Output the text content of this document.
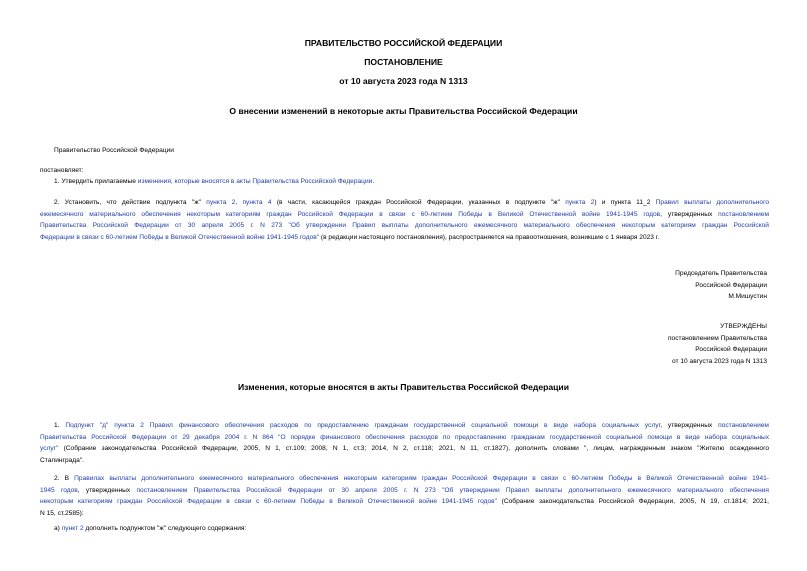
ПРАВИТЕЛЬСТВО РОССИЙСКОЙ ФЕДЕРАЦИИ
ПОСТАНОВЛЕНИЕ
от 10 августа 2023 года N 1313
О внесении изменений в некоторые акты Правительства Российской Федерации
Правительство Российской Федерации
постановляет:
1. Утвердить прилагаемые изменения, которые вносятся в акты Правительства Российской Федерации.
2. Установить, что действие подпункта "ж" пункта 2, пункта 4 (в части, касающейся граждан Российской Федерации, указанных в подпункте "ж" пункта 2) и пункта 11_2 Правил выплаты дополнительного
ежемесячного материального обеспечения некоторым категориям граждан Российской Федерации в связи с 60-летием Победы в Великой Отечественной войне 1941-1945 годов, утвержденных постановлением
Правительства Российской Федерации от 30 апреля 2005 г. N 273 "Об утверждении Правил выплаты дополнительного ежемесячного материального обеспечения некоторым категориям граждан Российской
Федерации в связи с 60-летием Победы в Великой Отечественной войне 1941-1945 годов" (в редакции настоящего постановления), распространяется на правоотношения, возникшие с 1 января 2023 г.
Председатель Правительства
Российской Федерации
М.Мишустин
УТВЕРЖДЕНЫ
постановлением Правительства
Российской Федерации
от 10 августа 2023 года N 1313
Изменения, которые вносятся в акты Правительства Российской Федерации
1. Подпункт "д" пункта 2 Правил финансового обеспечения расходов по предоставлению гражданам государственной социальной помощи в виде набора социальных услуг, утвержденных постановлением
Правительства Российской Федерации от 29 декабря 2004 г. N 864 "О порядке финансового обеспечения расходов по предоставлению гражданам государственной социальной помощи в виде набора социальных
услуг" (Собрание законодательства Российской Федерации, 2005, N 1, ст.109; 2008, N 1, ст.3; 2014, N 2, ст.118; 2021, N 11, ст.1827), дополнить словами ", лицам, награжденным знаком "Жителю осажденного
Сталинграда".
2. В Правилах выплаты дополнительного ежемесячного материального обеспечения некоторым категориям граждан Российской Федерации в связи с 60-летием Победы в Великой Отечественной войне 1941-
1945 годов, утвержденных постановлением Правительства Российской Федерации от 30 апреля 2005 г. N 273 "Об утверждении Правил выплаты дополнительного ежемесячного материального обеспечения
некоторым категориям граждан Российской Федерации в связи с 60-летием Победы в Великой Отечественной войне 1941-1945 годов" (Собрание законодательства Российской Федерации, 2005, N 19, ст.1814; 2021,
N 15, ст.2585):
а) пункт 2 дополнить подпунктом "ж" следующего содержания:
